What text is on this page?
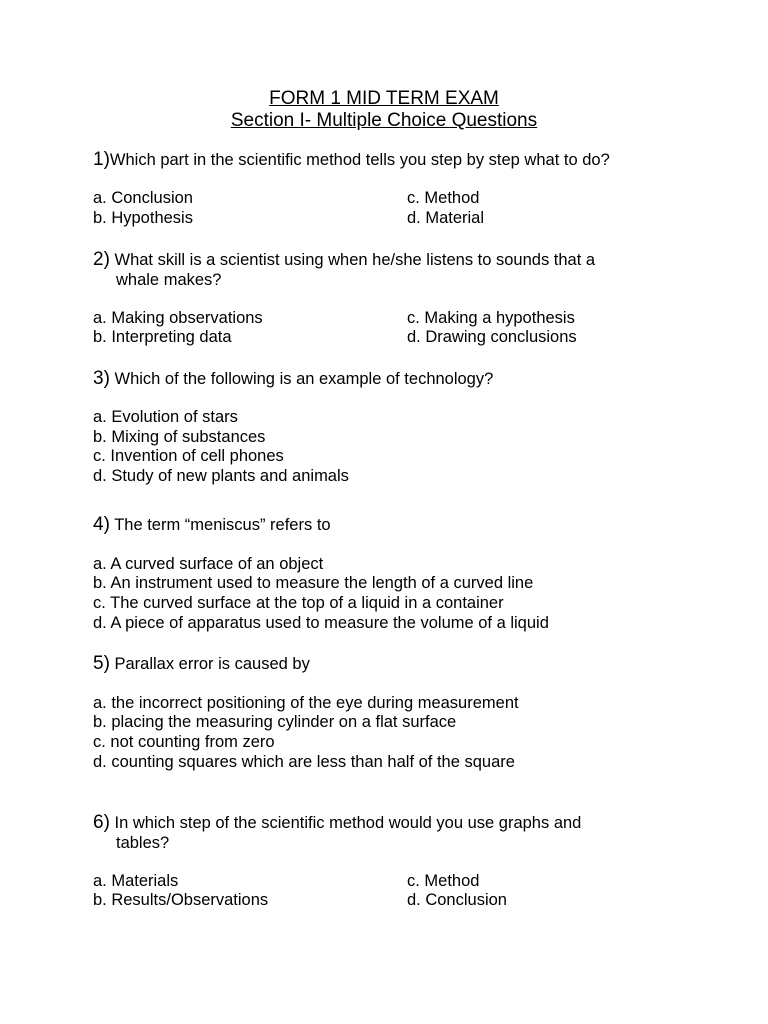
FORM 1 MID TERM EXAM
Section I- Multiple Choice Questions
1)Which part in the scientific method tells you step by step what to do?
a. Conclusion
b. Hypothesis
c. Method
d. Material
2) What skill is a scientist using when he/she listens to sounds that a
whale makes?
a. Making observations
b. Interpreting data
c. Making a hypothesis
d. Drawing conclusions
3) Which of the following is an example of technology?
a. Evolution of stars
b. Mixing of substances
c. Invention of cell phones
d. Study of new plants and animals
4) The term “meniscus” refers to
a. A curved surface of an object
b. An instrument used to measure the length of a curved line
c. The curved surface at the top of a liquid in a container
d. A piece of apparatus used to measure the volume of a liquid
5) Parallax error is caused by
a. the incorrect positioning of the eye during measurement
b. placing the measuring cylinder on a flat surface
c. not counting from zero
d. counting squares which are less than half of the square
6) In which step of the scientific method would you use graphs and
tables?
a. Materials
b. Results/Observations
c. Method
d. Conclusion
